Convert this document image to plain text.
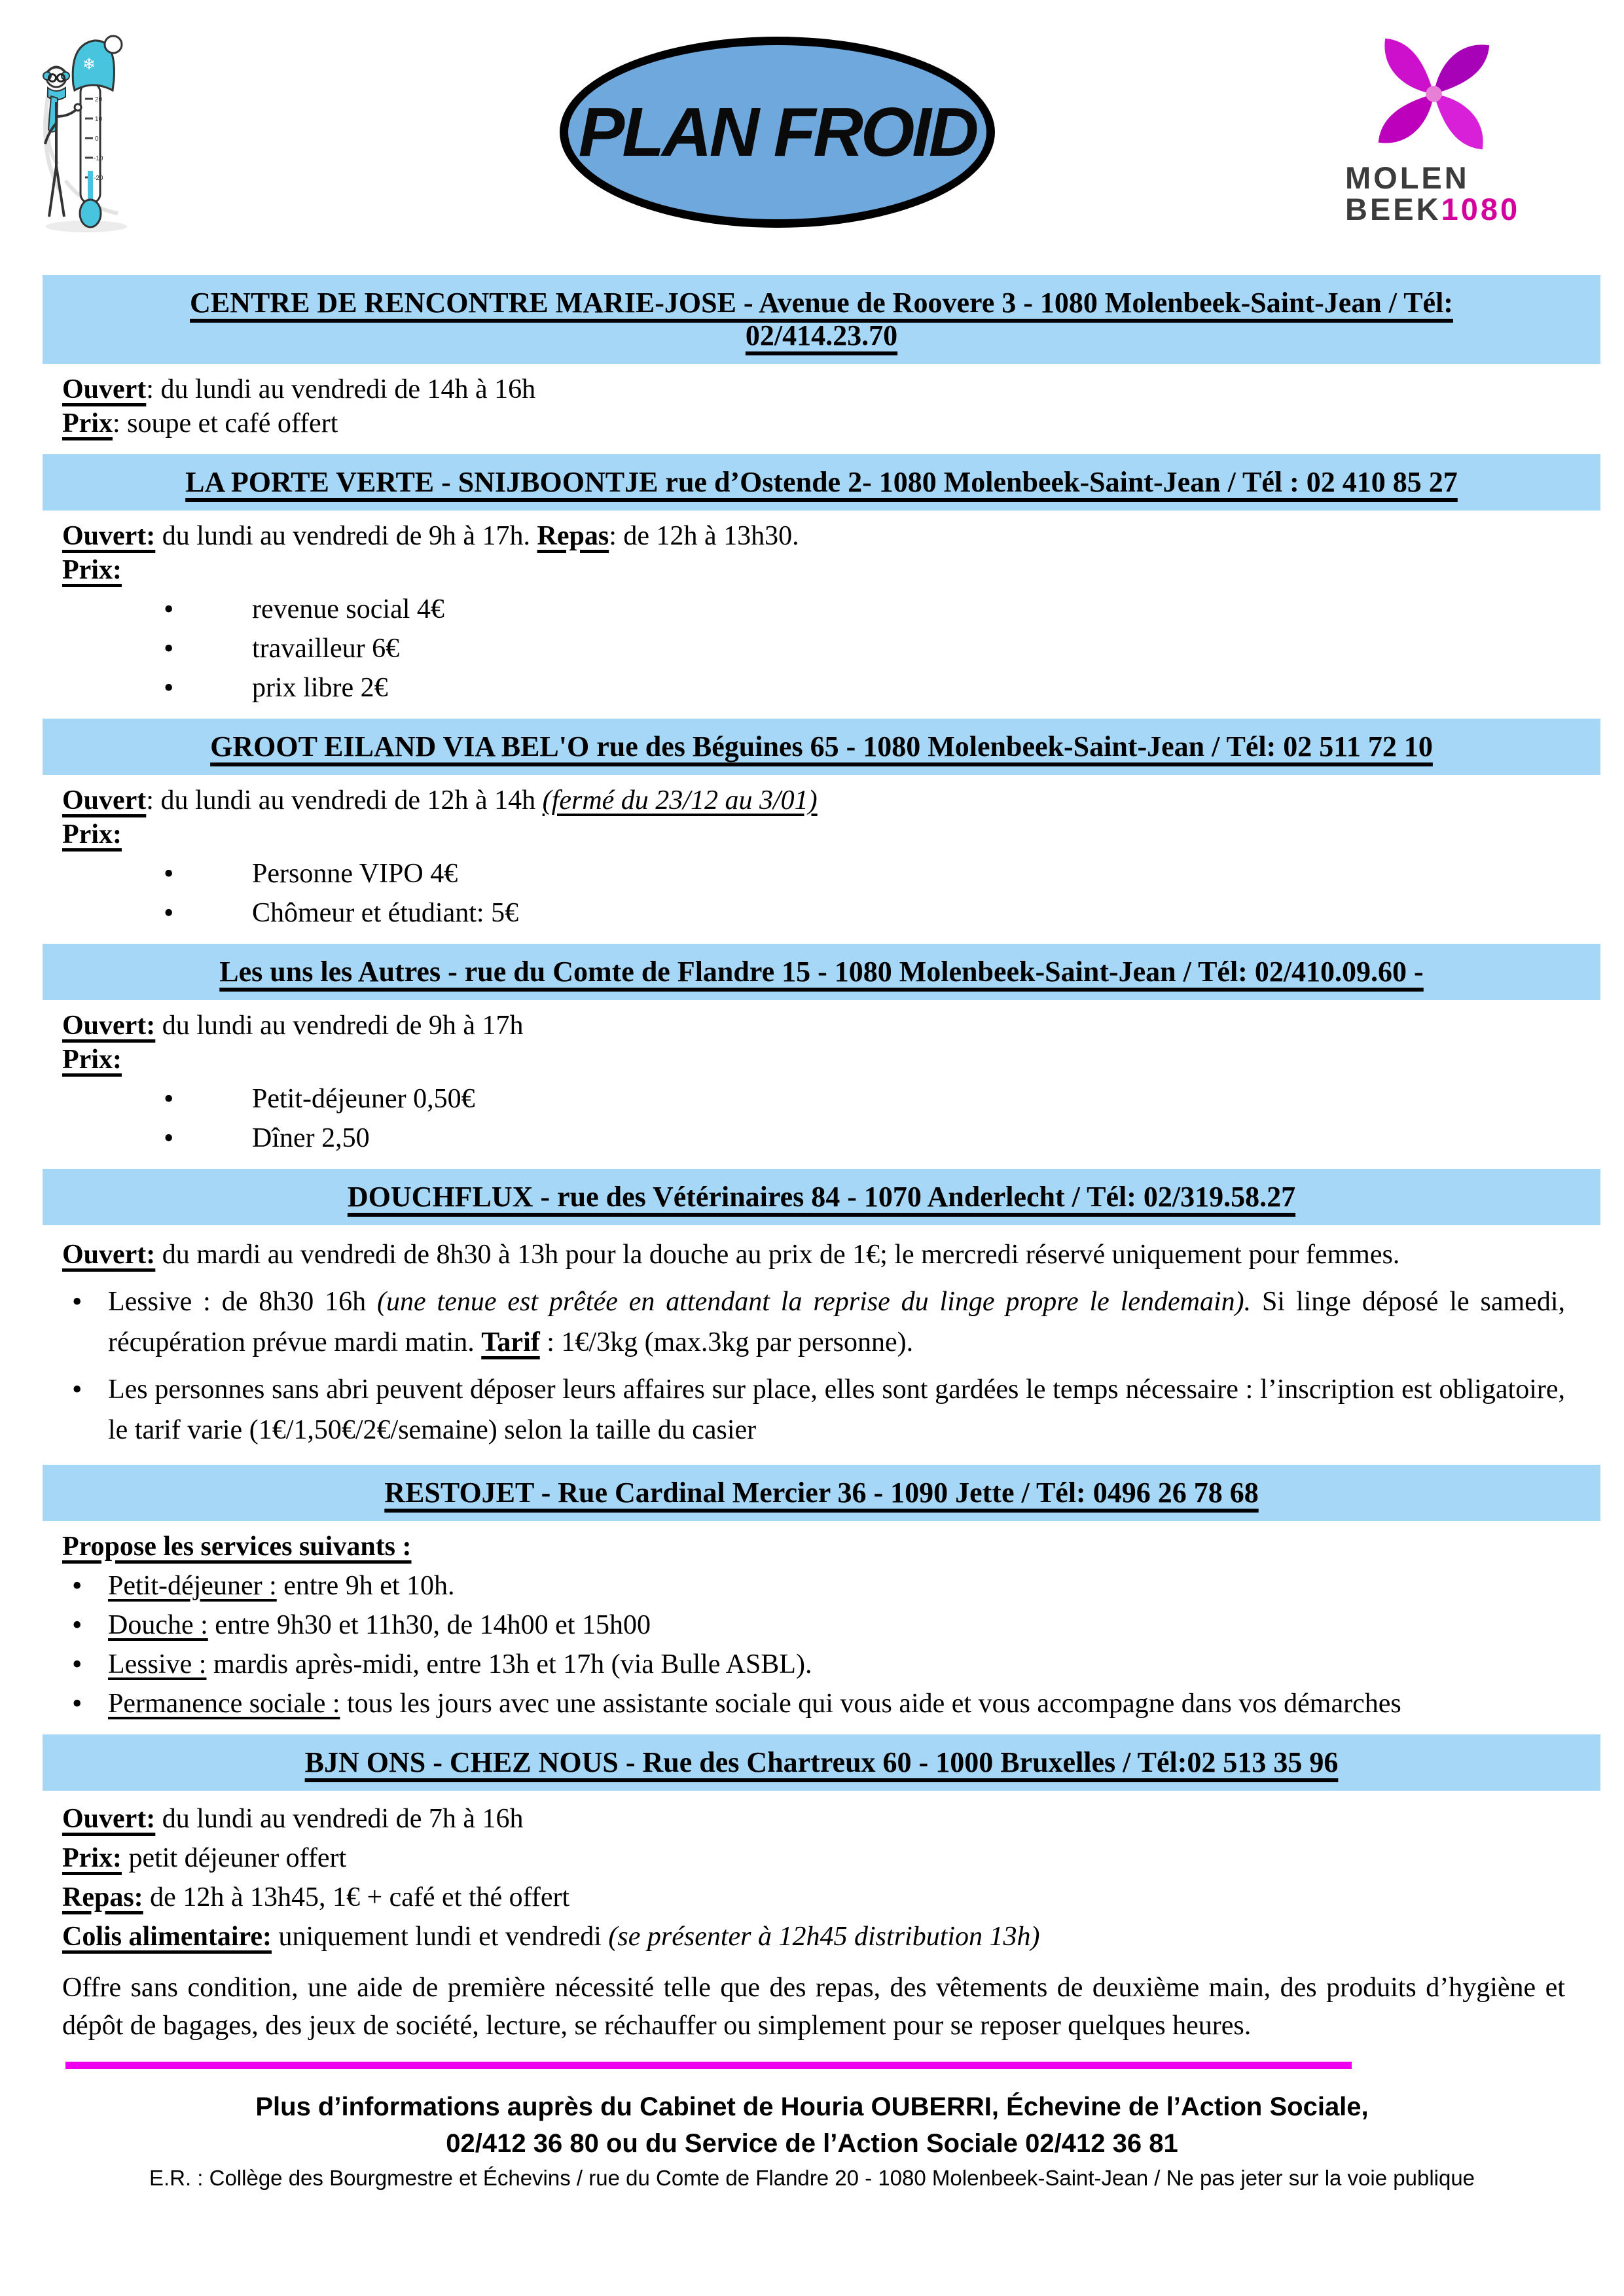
20
10
0
-10
-20
❄
PLAN FROID
MOLEN
BEEK1080
CENTRE DE RENCONTRE MARIE-JOSE - Avenue de Roovere 3 - 1080 Molenbeek-Saint-Jean / Tél: 02/414.23.70
Ouvert: du lundi au vendredi de 14h à 16h
Prix: soupe et café offert
LA PORTE VERTE - SNIJBOONTJE rue d’Ostende 2- 1080 Molenbeek-Saint-Jean / Tél : 02 410 85 27
Ouvert: du lundi au vendredi de 9h à 17h. Repas: de 12h à 13h30.
Prix:
•	revenue social 4€
•	travailleur 6€
•	prix libre 2€
GROOT EILAND VIA BEL'O rue des Béguines 65 - 1080 Molenbeek-Saint-Jean / Tél: 02 511 72 10
Ouvert: du lundi au vendredi de 12h à 14h (fermé du 23/12 au 3/01)
Prix:
•	Personne VIPO 4€
•	Chômeur et étudiant: 5€
Les uns les Autres - rue du Comte de Flandre 15 - 1080 Molenbeek-Saint-Jean / Tél: 02/410.09.60 -
Ouvert: du lundi au vendredi de 9h à 17h
Prix:
•	Petit-déjeuner 0,50€
•	Dîner 2,50
DOUCHFLUX - rue des Vétérinaires 84 - 1070 Anderlecht / Tél: 02/319.58.27
Ouvert: du mardi au vendredi de 8h30 à 13h pour la douche au prix de 1€; le mercredi réservé uniquement pour femmes.
• Lessive : de 8h30 16h (une tenue est prêtée en attendant la reprise du linge propre le lendemain). Si linge déposé le samedi, récupération prévue mardi matin. Tarif : 1€/3kg (max.3kg par personne).
• Les personnes sans abri peuvent déposer leurs affaires sur place, elles sont gardées le temps nécessaire : l’inscription est obligatoire, le tarif varie (1€/1,50€/2€/semaine) selon la taille du casier
RESTOJET - Rue Cardinal Mercier 36 - 1090 Jette / Tél: 0496 26 78 68
Propose les services suivants :
• Petit-déjeuner : entre 9h et 10h.
• Douche : entre 9h30 et 11h30, de 14h00 et 15h00
• Lessive : mardis après-midi, entre 13h et 17h (via Bulle ASBL).
• Permanence sociale : tous les jours avec une assistante sociale qui vous aide et vous accompagne dans vos démarches
BJN ONS - CHEZ NOUS - Rue des Chartreux 60 - 1000 Bruxelles / Tél:02 513 35 96
Ouvert: du lundi au vendredi de 7h à 16h
Prix: petit déjeuner offert
Repas: de 12h à 13h45, 1€ + café et thé offert
Colis alimentaire: uniquement lundi et vendredi (se présenter à 12h45 distribution 13h)
Offre sans condition, une aide de première nécessité telle que des repas, des vêtements de deuxième main, des produits d’hygiène et dépôt de bagages, des jeux de société, lecture, se réchauffer ou simplement pour se reposer quelques heures.
Plus d’informations auprès du Cabinet de Houria OUBERRI, Échevine de l’Action Sociale,
02/412 36 80 ou du Service de l’Action Sociale 02/412 36 81
E.R. : Collège des Bourgmestre et Échevins / rue du Comte de Flandre 20 - 1080 Molenbeek-Saint-Jean / Ne pas jeter sur la voie publique
